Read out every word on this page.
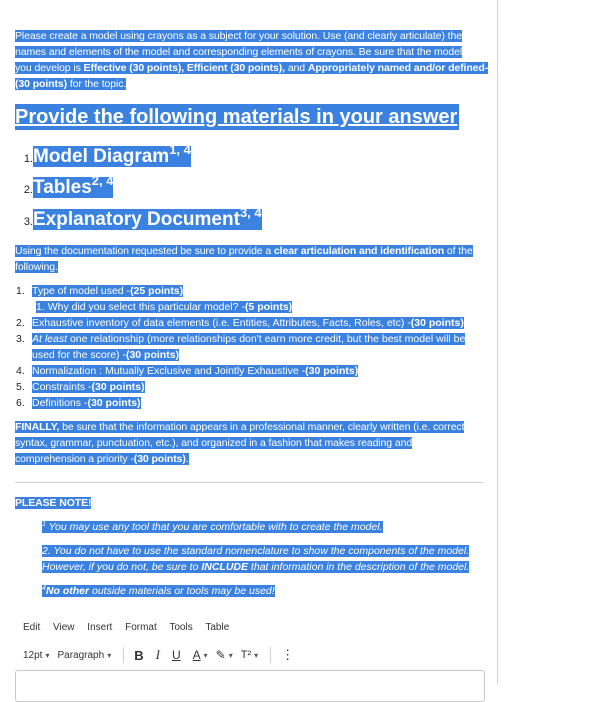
Please create a model using crayons as a subject for your solution. Use (and clearly articulate) the
names and elements of the model and corresponding elements of crayons. Be sure that the model
you develop is Effective (30 points), Efficient (30 points), and Appropriately named and/or defined-
(30 points) for the topic.
Provide the following materials in your answer
1.Model Diagram$^{1, 4}$
2.Tables$^{2, 4}$
3.Explanatory Document$^{3, 4}$
Using the documentation requested be sure to provide a clear articulation and identification of the
following.
1. Type of model used -(25 points)
1. Why did you select this particular model? -(5 points)
2. Exhaustive inventory of data elements (i.e. Entities, Attributes, Facts, Roles, etc) -(30 points)
3. At least one relationship (more relationships don't earn more credit, but the best model will be
used for the score) -(30 points)
4. Normalization : Mutually Exclusive and Jointly Exhaustive -(30 points)
5. Constraints -(30 points)
6. Definitions -(30 points)
FINALLY, be sure that the information appears in a professional manner, clearly written (i.e. correct
syntax, grammar, punctuation, etc.), and organized in a fashion that makes reading and
comprehension a priority -(30 points).
PLEASE NOTE!
$^1$ You may use any tool that you are comfortable with to create the model.
2. You do not have to use the standard nomenclature to show the components of the model.
However, if you do not, be sure to INCLUDE that information in the description of the model.
$^4$No other outside materials or tools may be used!
Edit View Insert Format Tools Table
12pt ▾ Paragraph ▾ B I U A ▾ ✎ ▾ T² ▾ ⋮
